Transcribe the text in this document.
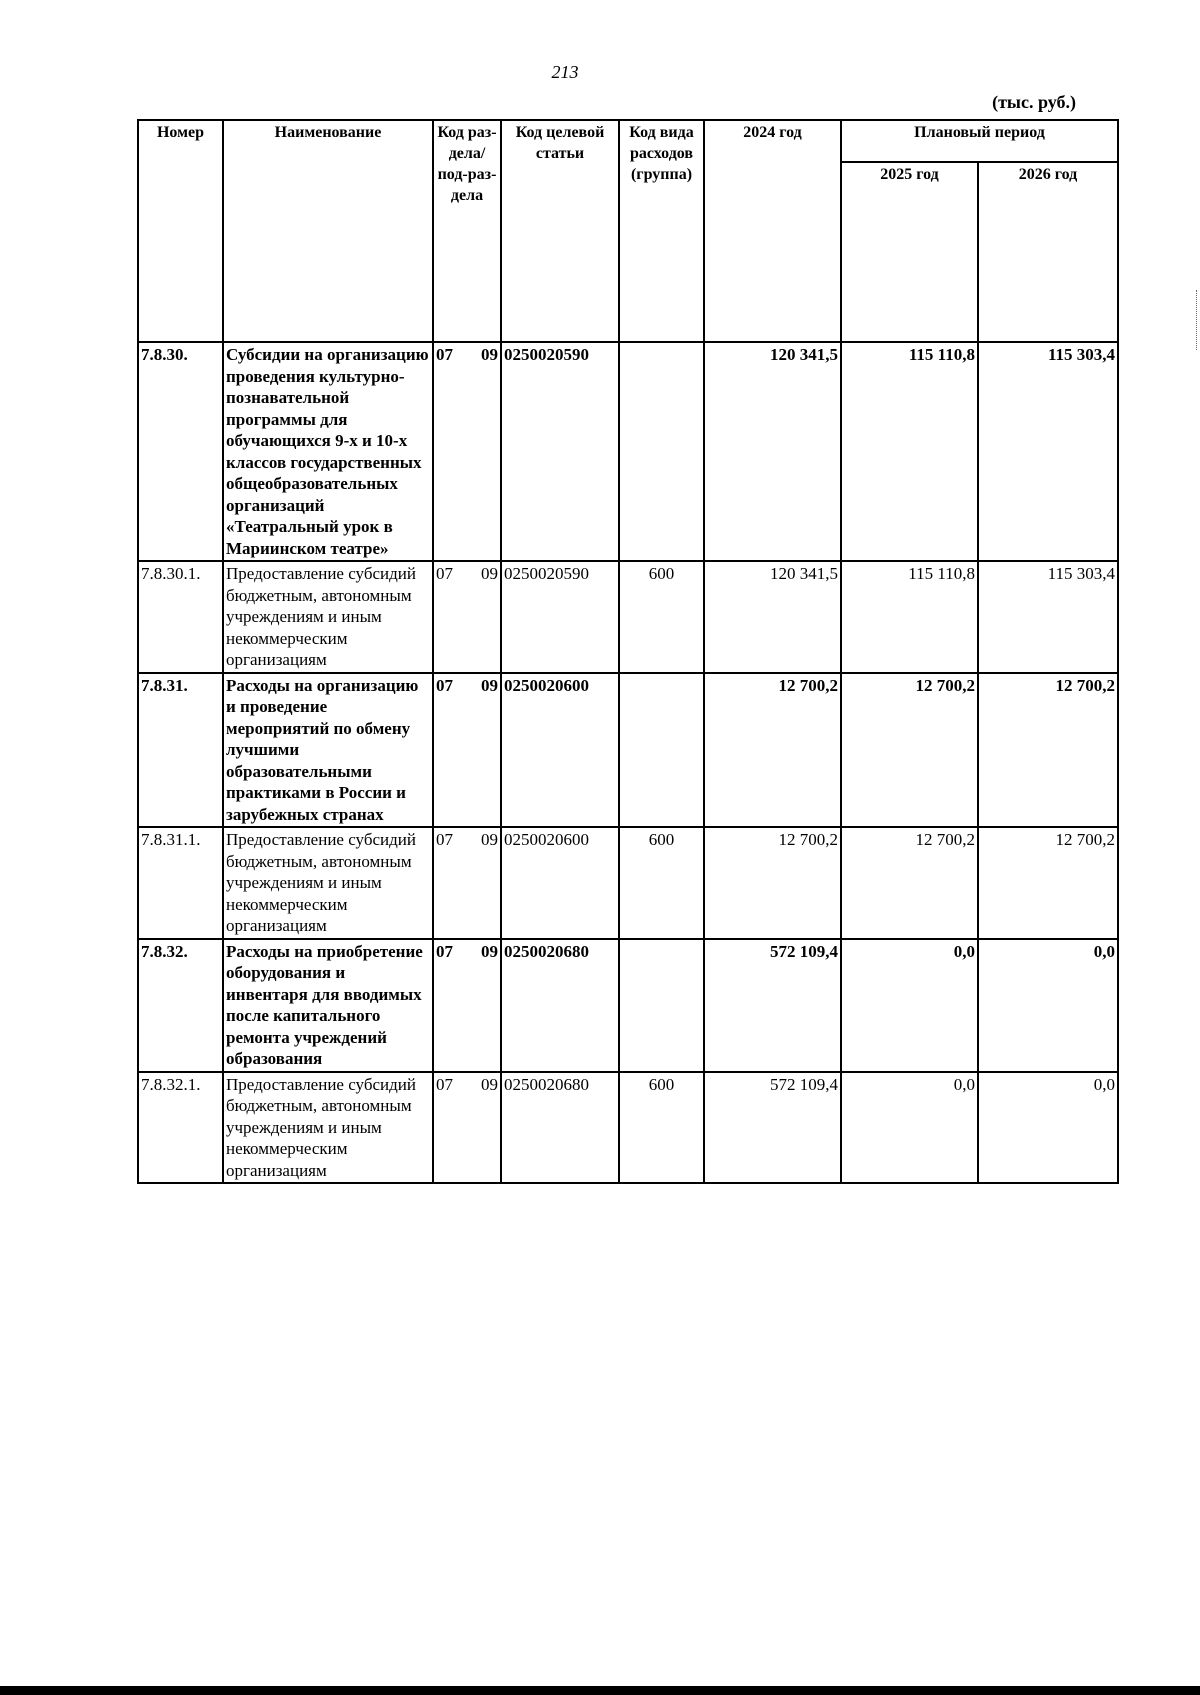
213
(тыс. руб.)
Номер	Наименование	Код раз-дела/ под-раз-дела	Код целевой статьи	Код вида расходов (группа)	2024 год	Плановый период	
						2025 год	2026 год
7.8.30.	Субсидии на организацию проведения культурно-познавательной программы для обучающихся 9-х и 10-х классов государственных общеобразовательных организаций «Театральный урок в Мариинском театре»	07 09	0250020590		120 341,5	115 110,8	115 303,4
7.8.30.1.	Предоставление субсидий бюджетным, автономным учреждениям и иным некоммерческим организациям	07 09	0250020590	600	120 341,5	115 110,8	115 303,4
7.8.31.	Расходы на организацию и проведение мероприятий по обмену лучшими образовательными практиками в России и зарубежных странах	07 09	0250020600		12 700,2	12 700,2	12 700,2
7.8.31.1.	Предоставление субсидий бюджетным, автономным учреждениям и иным некоммерческим организациям	07 09	0250020600	600	12 700,2	12 700,2	12 700,2
7.8.32.	Расходы на приобретение оборудования и инвентаря для вводимых после капитального ремонта учреждений образования	07 09	0250020680		572 109,4	0,0	0,0
7.8.32.1.	Предоставление субсидий бюджетным, автономным учреждениям и иным некоммерческим организациям	07 09	0250020680	600	572 109,4	0,0	0,0
